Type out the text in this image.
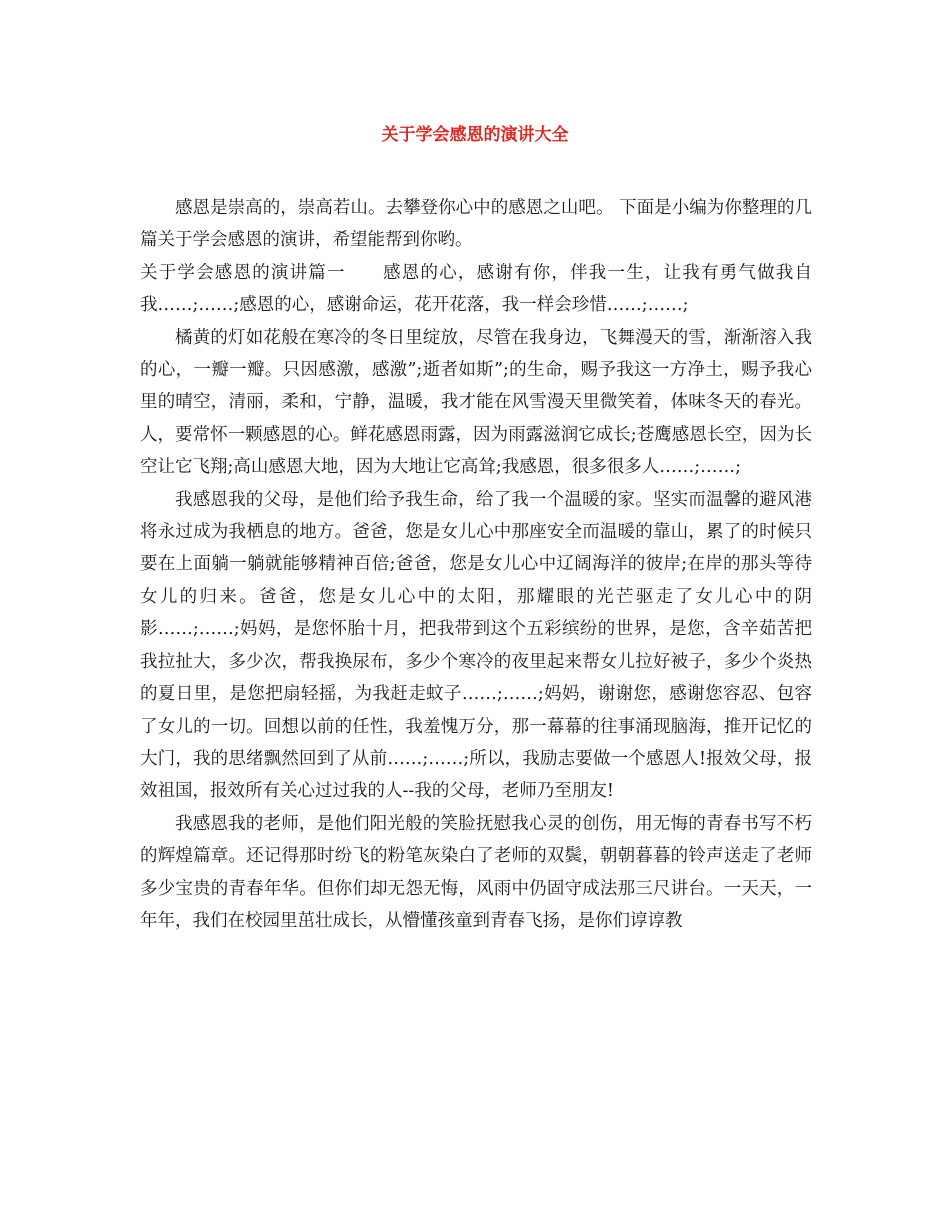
关于学会感恩的演讲大全

感恩是崇高的，崇高若山。去攀登你心中的感恩之山吧。 下面是小编为你整理的几篇关于学会感恩的演讲，希望能帮到你哟。

关于学会感恩的演讲篇一　　感恩的心，感谢有你，伴我一生，让我有勇气做我自我……;……;感恩的心，感谢命运，花开花落，我一样会珍惜……;……;

橘黄的灯如花般在寒冷的冬日里绽放，尽管在我身边，飞舞漫天的雪，渐渐溶入我的心，一瓣一瓣。只因感激，感激”;逝者如斯”;的生命，赐予我这一方净土，赐予我心里的晴空，清丽，柔和，宁静，温暖，我才能在风雪漫天里微笑着，体味冬天的春光。人，要常怀一颗感恩的心。鲜花感恩雨露，因为雨露滋润它成长;苍鹰感恩长空，因为长空让它飞翔;高山感恩大地，因为大地让它高耸;我感恩，很多很多人……;……;

我感恩我的父母，是他们给予我生命，给了我一个温暖的家。坚实而温馨的避风港将永过成为我栖息的地方。爸爸，您是女儿心中那座安全而温暖的靠山，累了的时候只要在上面躺一躺就能够精神百倍;爸爸，您是女儿心中辽阔海洋的彼岸;在岸的那头等待女儿的归来。爸爸，您是女儿心中的太阳，那耀眼的光芒驱走了女儿心中的阴影……;……;妈妈，是您怀胎十月，把我带到这个五彩缤纷的世界，是您，含辛茹苦把我拉扯大，多少次，帮我换尿布，多少个寒冷的夜里起来帮女儿拉好被子，多少个炎热的夏日里，是您把扇轻摇，为我赶走蚊子……;……;妈妈，谢谢您，感谢您容忍、包容了女儿的一切。回想以前的任性，我羞愧万分，那一幕幕的往事涌现脑海，推开记忆的大门，我的思绪飘然回到了从前……;……;所以，我励志要做一个感恩人!报效父母，报效祖国，报效所有关心过过我的人--我的父母，老师乃至朋友!

我感恩我的老师，是他们阳光般的笑脸抚慰我心灵的创伤，用无悔的青春书写不朽的辉煌篇章。还记得那时纷飞的粉笔灰染白了老师的双鬓，朝朝暮暮的铃声送走了老师多少宝贵的青春年华。但你们却无怨无悔，风雨中仍固守成法那三尺讲台。一天天，一年年，我们在校园里茁壮成长，从懵懂孩童到青春飞扬，是你们谆谆教
